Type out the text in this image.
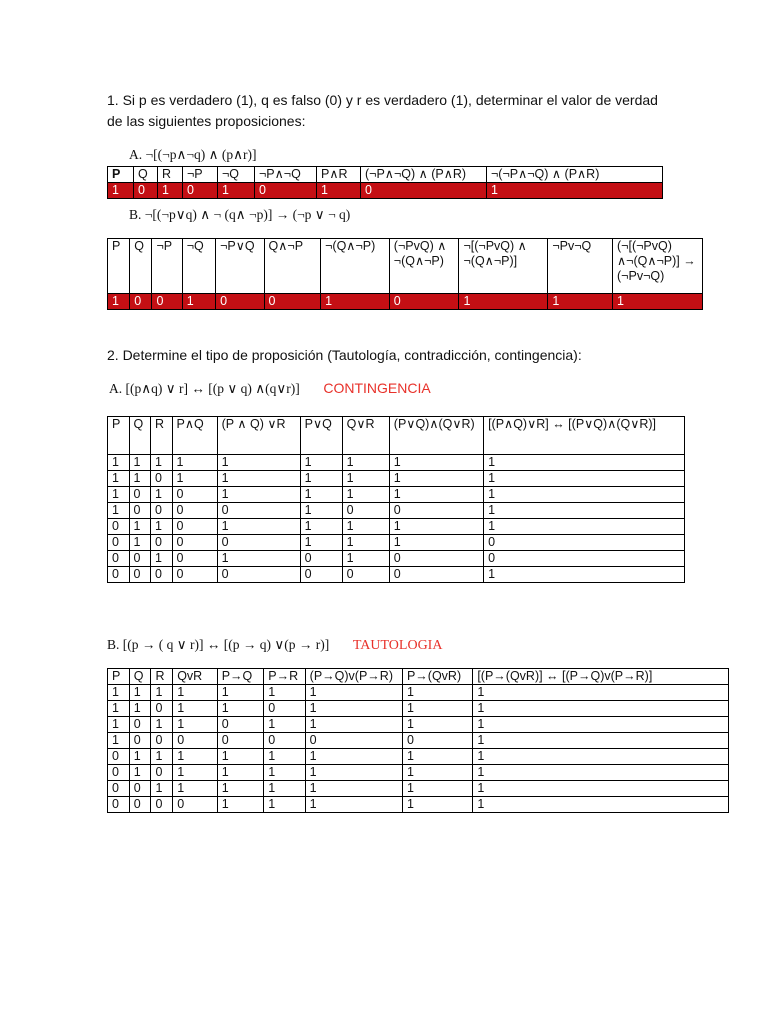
1. Si p es verdadero (1), q es falso (0) y r es verdadero (1), determinar el valor de verdad de las siguientes proposiciones:
A. ¬[(¬p∧¬q) ∧ (p∧r)]
P	Q	R	¬P	¬Q	¬P∧¬Q	P∧R	(¬P∧¬Q) ∧ (P∧R)	¬(¬P∧¬Q) ∧ (P∧R)
1	0	1	0	1	0	1	0	1
B. ¬[(¬p∨q) ∧ ¬ (q∧ ¬p)] → (¬p ∨ ¬ q)
P	Q	¬P	¬Q	¬P∨Q	Q∧¬P	¬(Q∧¬P)	(¬PvQ) ∧ ¬(Q∧¬P)	¬[(¬PvQ) ∧ ¬(Q∧¬P)]	¬Pv¬Q	(¬[(¬PvQ) ∧¬(Q∧¬P)] → (¬Pv¬Q)
1	0	0	1	0	0	1	0	1	1	1
2. Determine el tipo de proposición (Tautología, contradicción, contingencia):
A. [(p∧q) ∨ r] ↔ [(p ∨ q) ∧(q∨r)] CONTINGENCIA
P	Q	R	P∧Q	(P ∧ Q) ∨R	P∨Q	Q∨R	(P∨Q)∧(Q∨R)	[(P∧Q)∨R] ↔ [(P∨Q)∧(Q∨R)]
1	1	1	1	1	1	1	1	1
1	1	0	1	1	1	1	1	1
1	0	1	0	1	1	1	1	1
1	0	0	0	0	1	0	0	1
0	1	1	0	1	1	1	1	1
0	1	0	0	0	1	1	1	0
0	0	1	0	1	0	1	0	0
0	0	0	0	0	0	0	0	1
B. [(p → ( q ∨ r)] ↔ [(p → q) ∨(p → r)] TAUTOLOGIA
P	Q	R	QvR	P→Q	P→R	(P→Q)v(P→R)	P→(QvR)	[(P→(QvR)] ↔ [(P→Q)v(P→R)]
1	1	1	1	1	1	1	1	1
1	1	0	1	1	0	1	1	1
1	0	1	1	0	1	1	1	1
1	0	0	0	0	0	0	0	1
0	1	1	1	1	1	1	1	1
0	1	0	1	1	1	1	1	1
0	0	1	1	1	1	1	1	1
0	0	0	0	1	1	1	1	1
